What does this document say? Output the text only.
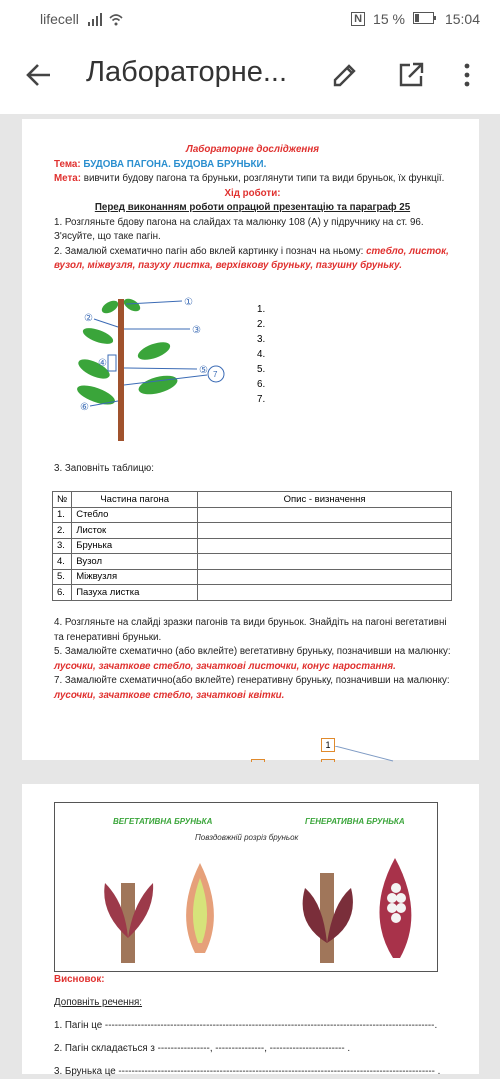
lifecell	N 15 %	15:04
Лабораторне...
Лабораторне дослідження
Тема: БУДОВА ПАГОНА. БУДОВА БРУНЬКИ.
Мета: вивчити будову пагона та бруньки, розглянути типи та види бруньок, їх функції.
Хід роботи:
Перед виконанням роботи опрацюй презентацію та параграф 25
1. Розгляньте бдову пагона на слайдах та малюнку 108 (А) у підручнику на ст. 96. З'ясуйте, що таке пагін.
2. Замалюй схематично пагін або вклей картинку і познач на ньому: стебло, листок, вузол, міжвузля, пазуху листка, верхівкову бруньку, пазушну бруньку.
①
②
③
④
⑤
⑥
7
1.
2.
3.
4.
5.
6.
7.
3. Заповніть таблицю:
№	Частина пагона	Опис - визначення
1.	Стебло	
2.	Листок	
3.	Брунька	
4.	Вузол	
5.	Міжвузля	
6.	Пазуха листка	
4. Розгляньте на слайді зразки пагонів та види бруньок. Знайдіть на пагоні вегетативні та генеративні бруньки.
5. Замалюйте схематично (або вклейте) вегетативну бруньку, позначивши на малюнку: лусочки, зачаткове стебло, зачаткові листочки, конус наростання.
7. Замалюйте схематично(або вклейте) генеративну бруньку, позначивши на малюнку: лусочки, зачаткове стебло, зачаткові квітки.
1
ВЕГЕТАТИВНА БРУНЬКА	ГЕНЕРАТИВНА БРУНЬКА
Повздовжній розріз бруньок
Висновок:
Доповніть речення:
1. Пагін це -----------------------------------------------------------------------------------------------------.
2. Пагін складається з ----------------, ---------------, ----------------------- .
3. Брунька це ------------------------------------------------------------------------------------------------- .
